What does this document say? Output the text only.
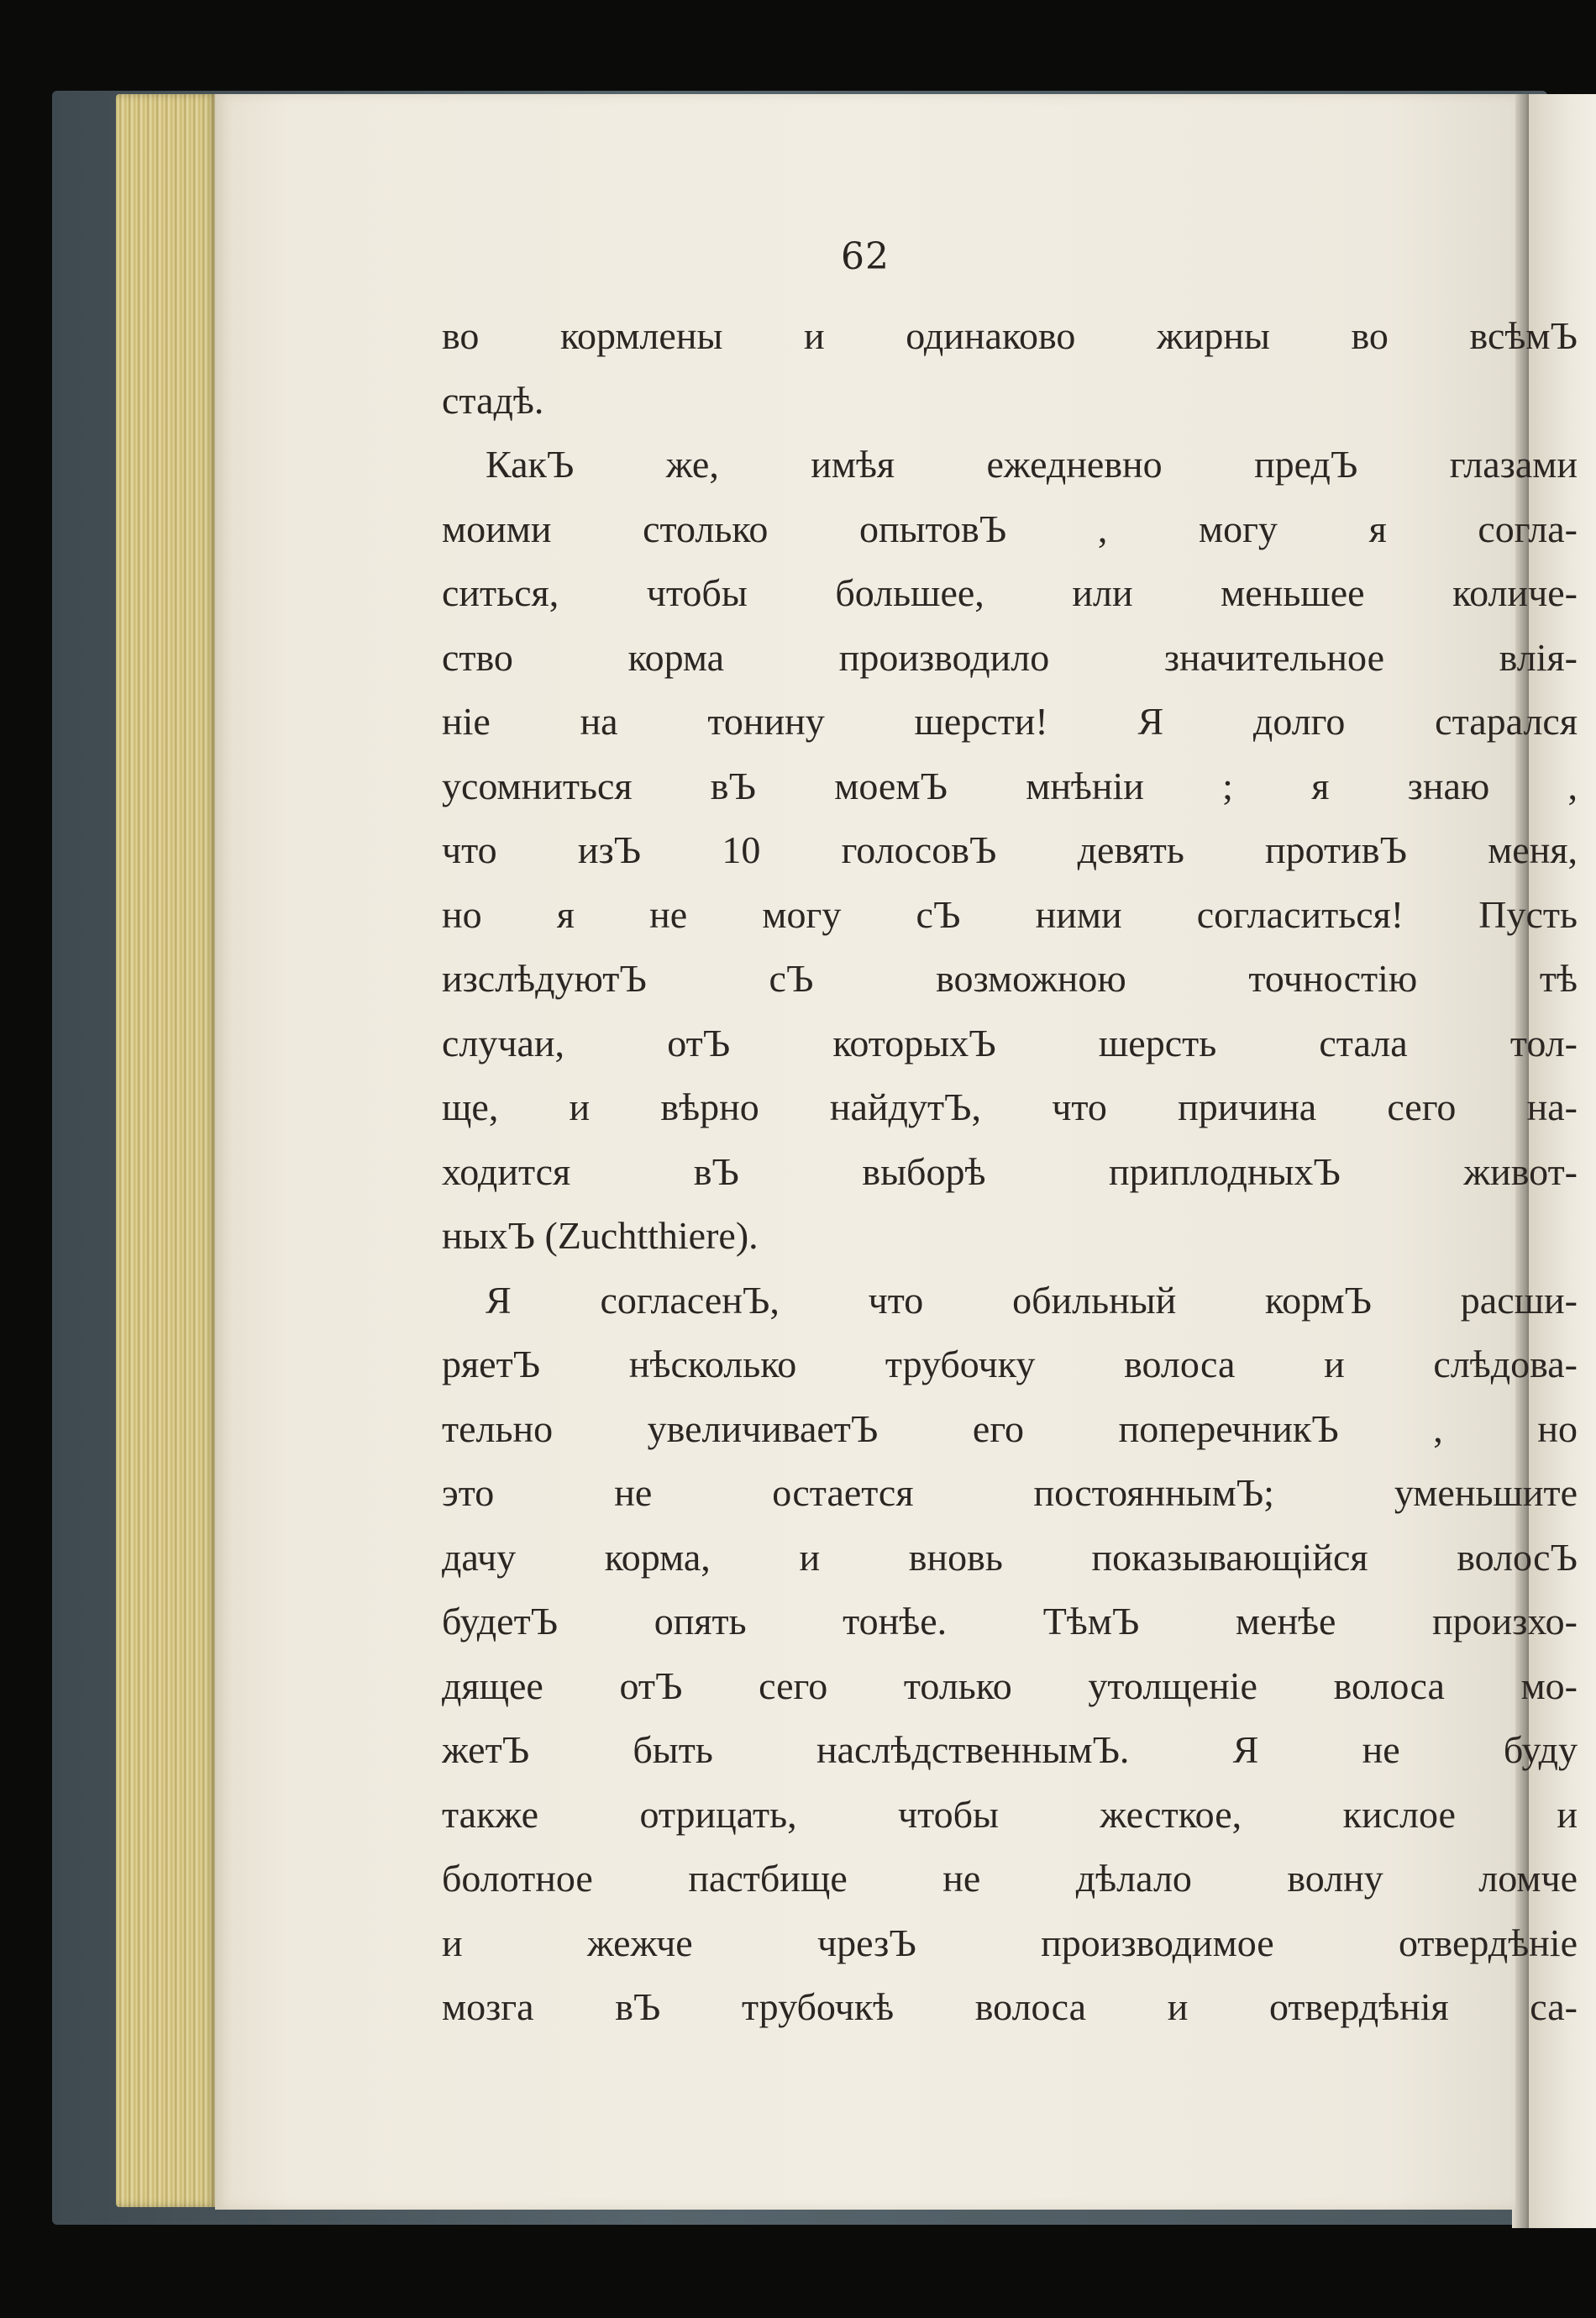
62
во кормлены и одинаково жирны во всѣмЪ
стадѣ.
КакЪ же, имѣя ежедневно предЪ глазами
моими столько опытовЪ , могу я согла-
ситься, чтобы большее, или меньшее количе-
ство корма производило значительное влія-
ніе на тонину шерсти! Я долго старался
усомниться вЪ моемЪ мнѣніи ; я знаю ,
что изЪ 10 голосовЪ девять противЪ меня,
но я не могу сЪ ними согласиться! Пусть
изслѣдуютЪ сЪ возможною точностію тѣ
случаи, отЪ которыхЪ шерсть стала тол-
ще, и вѣрно найдутЪ, что причина сего на-
ходится вЪ выборѣ приплодныхЪ живот-
ныхЪ (Zuchtthiere).
Я согласенЪ, что обильный кормЪ расши-
ряетЪ нѣсколько трубочку волоса и слѣдова-
тельно увеличиваетЪ его поперечникЪ , но
это не остается постояннымЪ; уменьшите
дачу корма, и вновь показывающійся волосЪ
будетЪ опять тонѣе. ТѣмЪ менѣе произхо-
дящее отЪ сего только утолщеніе волоса мо-
жетЪ быть наслѣдственнымЪ. Я не буду
также отрицать, чтобы жесткое, кислое и
болотное пастбище не дѣлало волну ломче
и жежче чрезЪ производимое отвердѣніе
мозга вЪ трубочкѣ волоса и отвердѣнія са-
